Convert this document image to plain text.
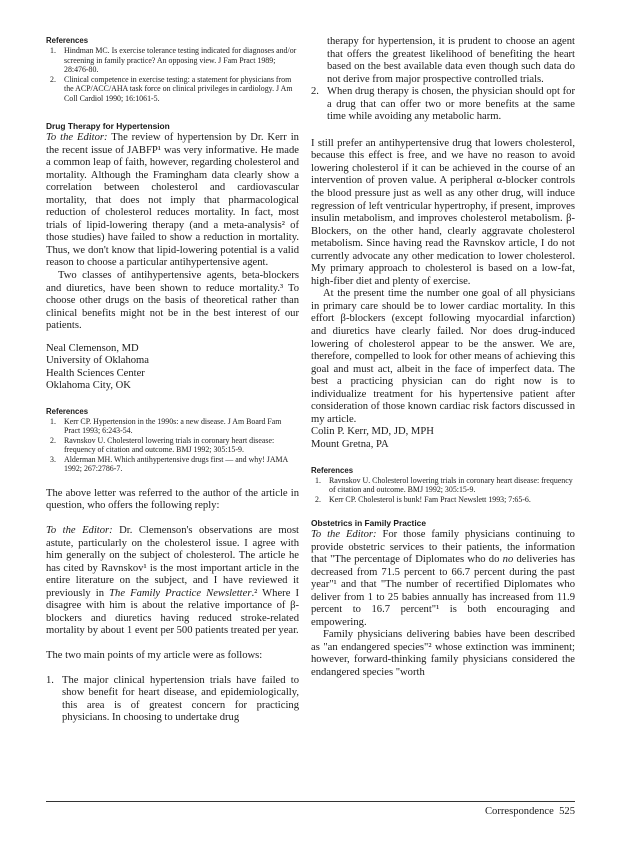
References

1.	Hindman MC. Is exercise tolerance testing indicated for diagnoses and/or screening in family practice? An opposing view. J Fam Pract 1989; 28:476-80.
2.	Clinical competence in exercise testing: a statement for physicians from the ACP/ACC/AHA task force on clinical privileges in cardiology. J Am Coll Cardiol 1990; 16:1061-5.

Drug Therapy for Hypertension

To the Editor: The review of hypertension by Dr. Kerr in the recent issue of JABFP¹ was very informative. He made a common leap of faith, however, regarding cholesterol and mortality. Although the Framingham data clearly show a correlation between cholesterol and cardiovascular mortality, that does not imply that pharmacological reduction of cholesterol reduces mortality. In fact, most trials of lipid-lowering therapy (and a meta-analysis² of those studies) have failed to show a reduction in mortality. Thus, we don't know that lipid-lowering potential is a valid reason to choose a particular antihypertensive agent.

Two classes of antihypertensive agents, beta-blockers and diuretics, have been shown to reduce mortality.³ To choose other drugs on the basis of theoretical rather than clinical benefits might not be in the best interest of our patients.

Neal Clemenson, MD

University of Oklahoma

Health Sciences Center

Oklahoma City, OK

References

1.	Kerr CP. Hypertension in the 1990s: a new disease. J Am Board Fam Pract 1993; 6:243-54.
2.	Ravnskov U. Cholesterol lowering trials in coronary heart disease: frequency of citation and outcome. BMJ 1992; 305:15-9.
3.	Alderman MH. Which antihypertensive drugs first — and why! JAMA 1992; 267:2786-7.

The above letter was referred to the author of the article in question, who offers the following reply:

To the Editor: Dr. Clemenson's observations are most astute, particularly on the cholesterol issue. I agree with him generally on the subject of cholesterol. The article he has cited by Ravnskov¹ is the most important article in the entire literature on the subject, and I have reviewed it previously in The Family Practice Newsletter.² Where I disagree with him is about the relative importance of β-blockers and diuretics having reduced stroke-related mortality by about 1 event per 500 patients treated per year.

The two main points of my article were as follows:

1. The major clinical hypertension trials have failed to show benefit for heart disease, and epidemiologically, this area is of greatest concern for practicing physicians. In choosing to undertake drug
therapy for hypertension, it is prudent to choose an agent that offers the greatest likelihood of benefiting the heart based on the best available data even though such data do not derive from major prospective controlled trials.
2. When drug therapy is chosen, the physician should opt for a drug that can offer two or more benefits at the same time while avoiding any metabolic harm.

I still prefer an antihypertensive drug that lowers cholesterol, because this effect is free, and we have no reason to avoid lowering cholesterol if it can be achieved in the course of an intervention of proven value. A peripheral α-blocker controls the blood pressure just as well as any other drug, will induce regression of left ventricular hypertrophy, if present, improves insulin metabolism, and improves cholesterol metabolism. β-Blockers, on the other hand, clearly aggravate cholesterol metabolism. Since having read the Ravnskov article, I do not currently advocate any other medication to lower cholesterol. My primary approach to cholesterol is based on a low-fat, high-fiber diet and plenty of exercise.

At the present time the number one goal of all physicians in primary care should be to lower cardiac mortality. In this effort β-blockers (except following myocardial infarction) and diuretics have clearly failed. Nor does drug-induced lowering of cholesterol appear to be the answer. We are, therefore, compelled to look for other means of achieving this goal and must act, albeit in the face of imperfect data. The best a practicing physician can do right now is to individualize treatment for his hypertensive patient after consideration of those known cardiac risk factors discussed in my article.

Colin P. Kerr, MD, JD, MPH

Mount Gretna, PA

References

1.	Ravnskov U. Cholesterol lowering trials in coronary heart disease: frequency of citation and outcome. BMJ 1992; 305:15-9.
2.	Kerr CP. Cholesterol is bunk! Fam Pract Newslett 1993; 7:65-6.

Obstetrics in Family Practice

To the Editor: For those family physicians continuing to provide obstetric services to their patients, the information that "The percentage of Diplomates who do no deliveries has decreased from 71.5 percent to 66.7 percent during the past year"¹ and that "The number of recertified Diplomates who deliver from 1 to 25 babies annually has increased from 11.9 percent to 16.7 percent"¹ is both encouraging and empowering.

Family physicians delivering babies have been described as "an endangered species"² whose extinction was imminent; however, forward-thinking family physicians considered the endangered species "worth

Correspondence 525
